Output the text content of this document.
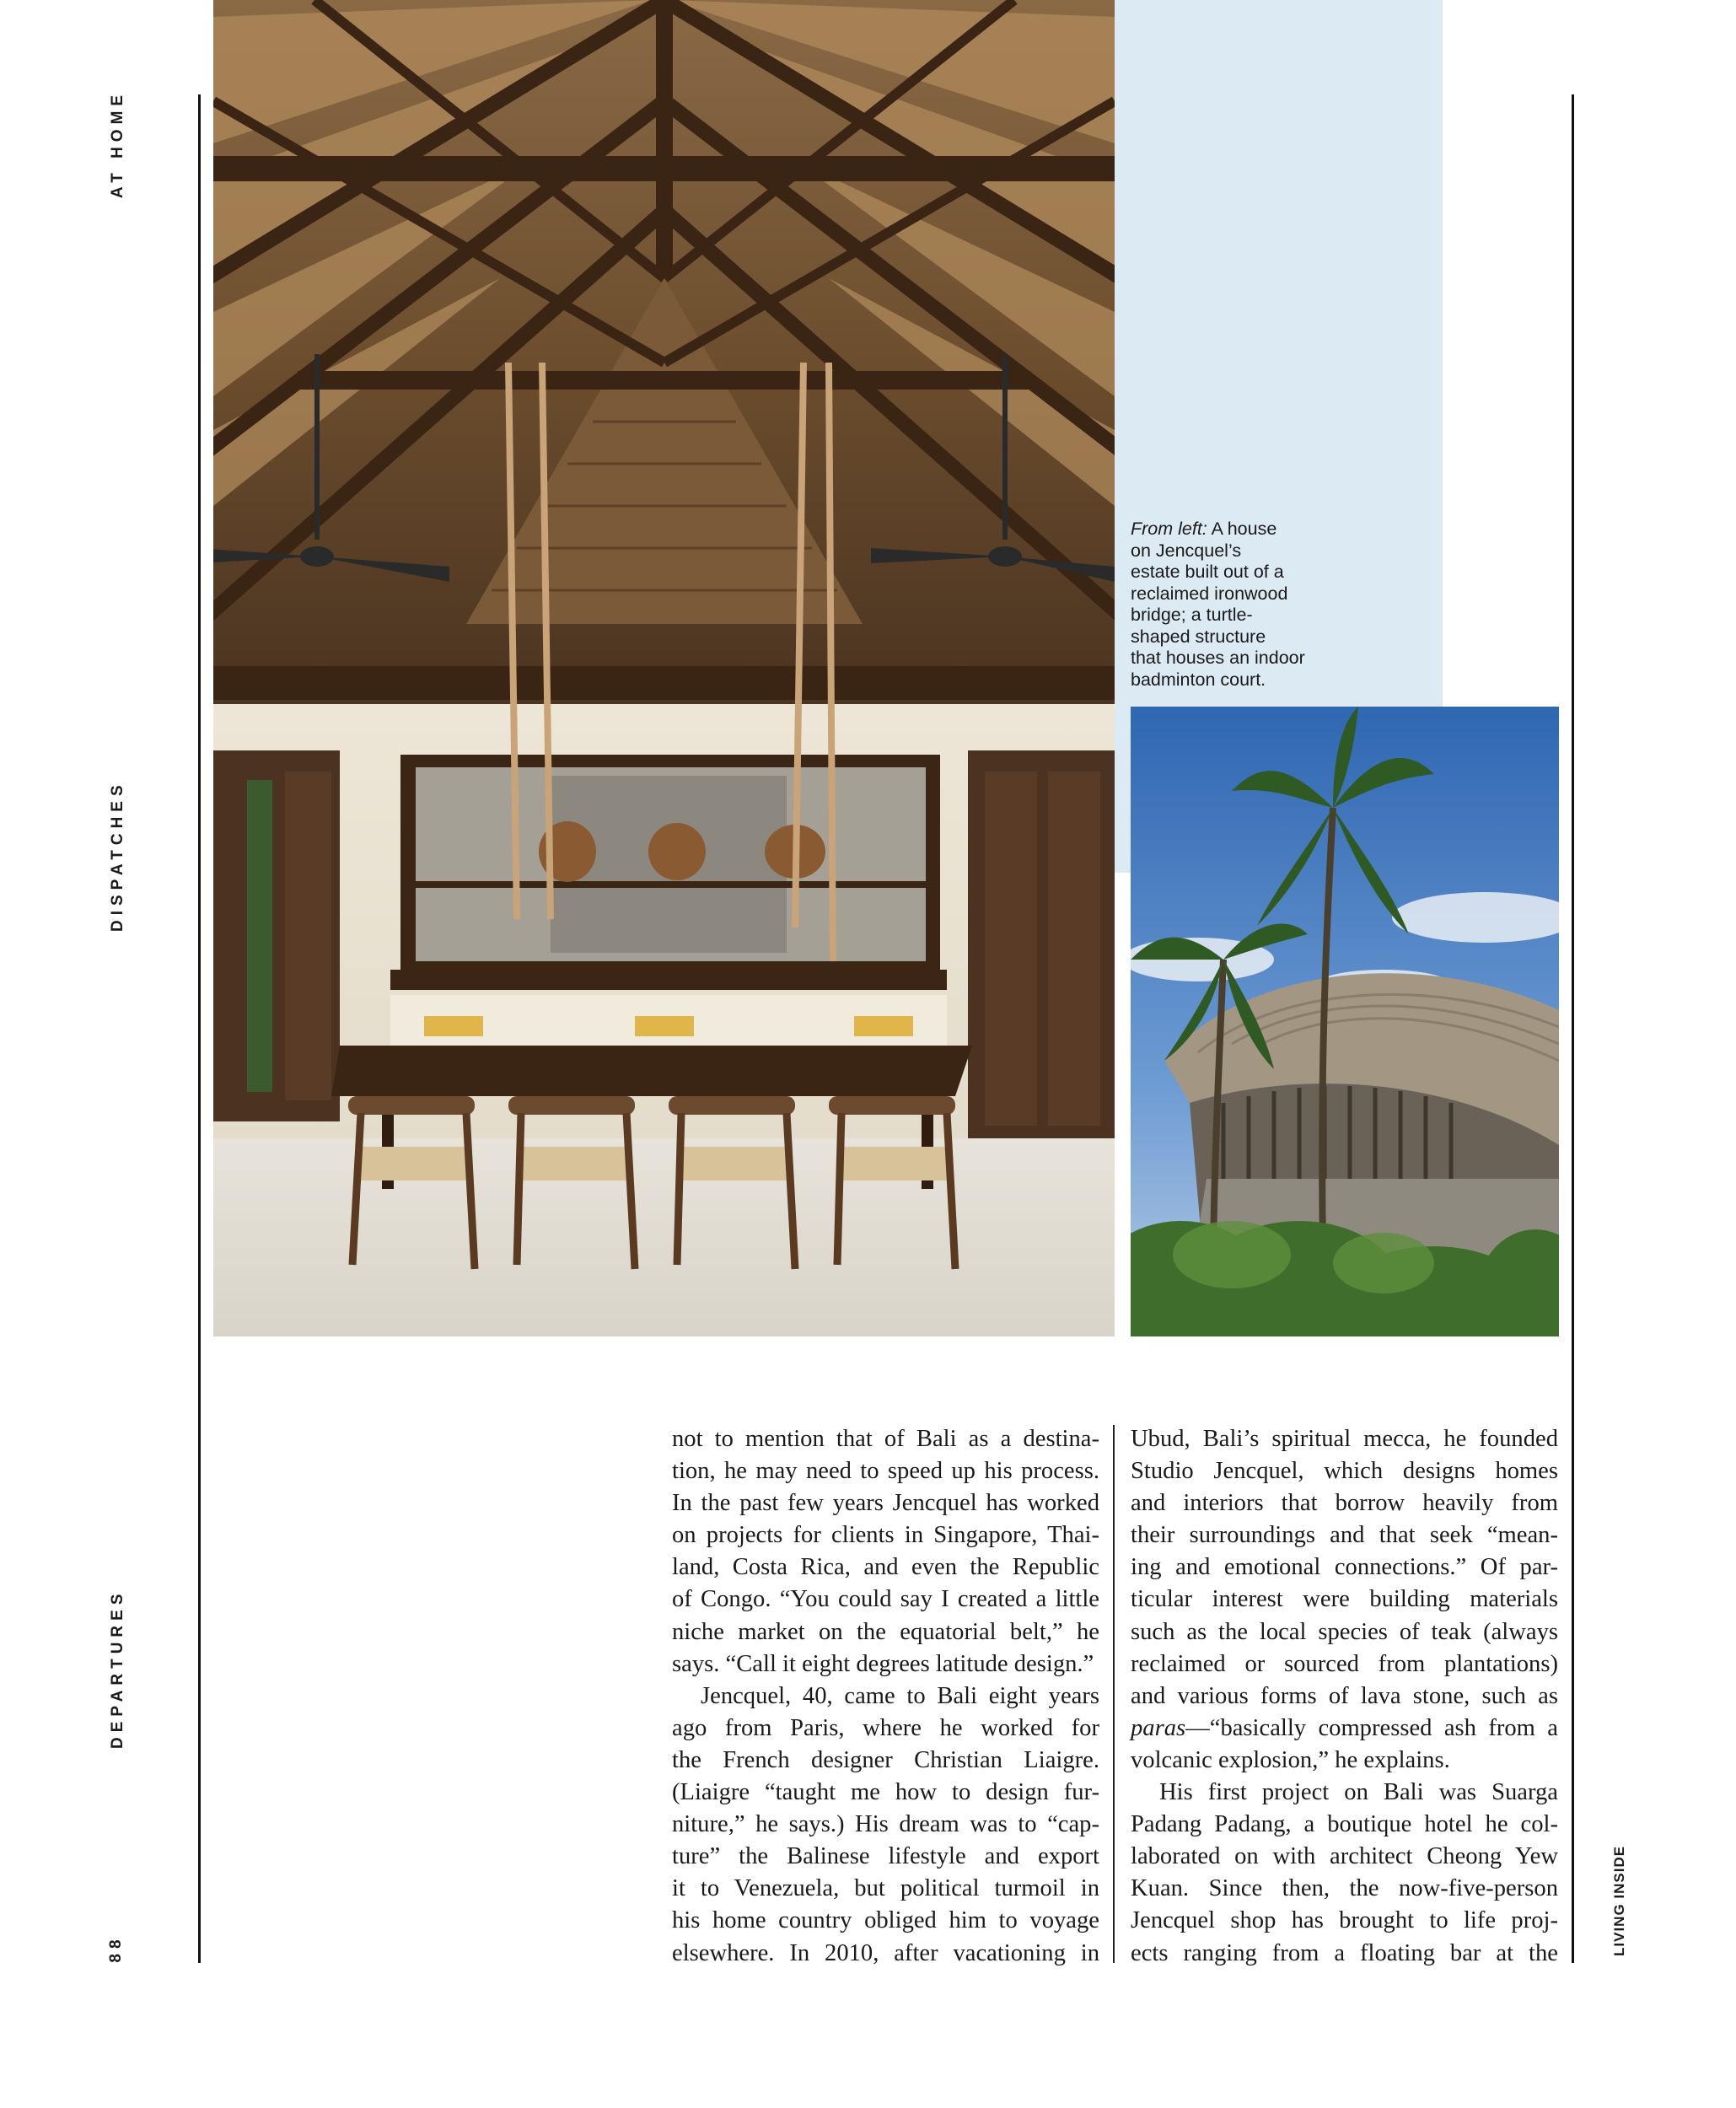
AT HOME
DISPATCHES
DEPARTURES
88	LIVING INSIDE
From left: A house
on Jencquel’s
estate built out of a
reclaimed ironwood
bridge; a turtle-
shaped structure
that houses an indoor
badminton court.

not to mention that of Bali as a destina-
tion, he may need to speed up his process.
In the past few years Jencquel has worked
on projects for clients in Singapore, Thai-
land, Costa Rica, and even the Republic
of Congo. “You could say I created a little
niche market on the equatorial belt,” he
says. “Call it eight degrees latitude design.”

Jencquel, 40, came to Bali eight years
ago from Paris, where he worked for
the French designer Christian Liaigre.
(Liaigre “taught me how to design fur-
niture,” he says.) His dream was to “cap-
ture” the Balinese lifestyle and export
it to Venezuela, but political turmoil in
his home country obliged him to voyage
elsewhere. In 2010, after vacationing in

Ubud, Bali’s spiritual mecca, he founded
Studio Jencquel, which designs homes
and interiors that borrow heavily from
their surroundings and that seek “mean-
ing and emotional connections.” Of par-
ticular interest were building materials
such as the local species of teak (always
reclaimed or sourced from plantations)
and various forms of lava stone, such as
paras—“basically compressed ash from a
volcanic explosion,” he explains.

His first project on Bali was Suarga
Padang Padang, a boutique hotel he col-
laborated on with architect Cheong Yew
Kuan. Since then, the now-five-person
Jencquel shop has brought to life proj-
ects ranging from a floating bar at the
